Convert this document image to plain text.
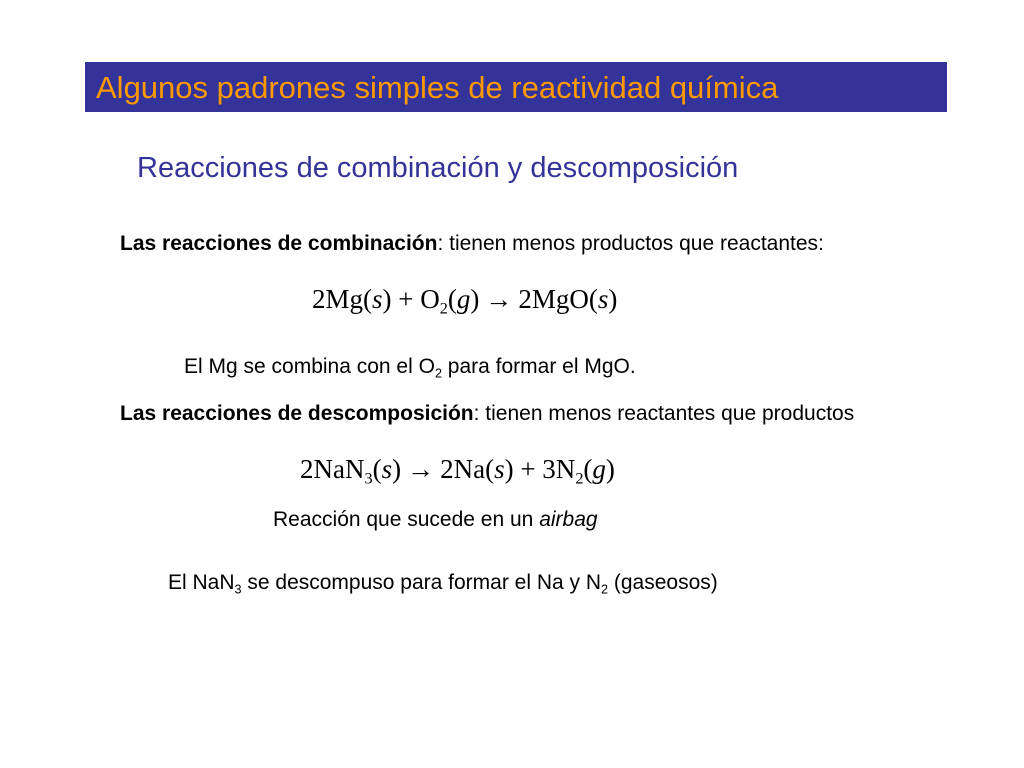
Algunos padrones simples de reactividad química
Reacciones de combinación y descomposición
Las reacciones de combinación: tienen menos productos que reactantes:
$2Mg(s) + O_2(g) \to 2MgO(s)$
El Mg se combina con el $O_2$ para formar el MgO.
Las reacciones de descomposición: tienen menos reactantes que productos
$2NaN_3(s) \to 2Na(s) + 3N_2(g)$
Reacción que sucede en un airbag
El NaN$_3$ se descompuso para formar el Na y $N_2$ (gaseosos)
